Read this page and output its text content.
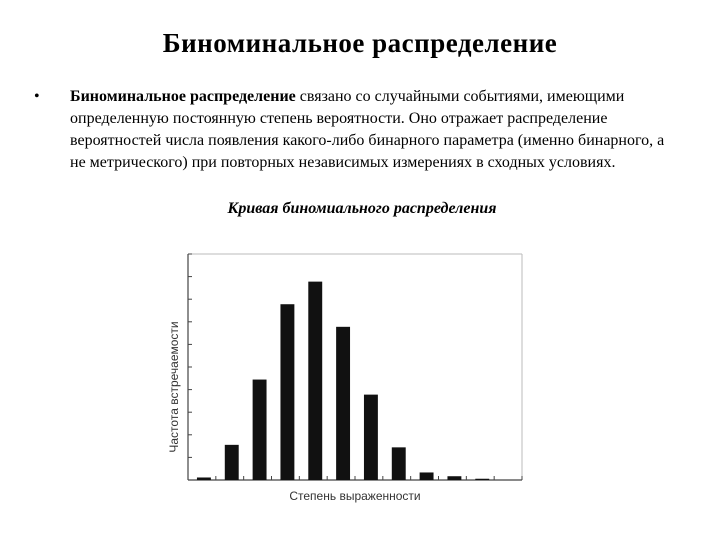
Биноминальное распределение
• Биноминальное распределение связано со случайными событиями, имеющими определенную постоянную степень вероятности. Оно отражает распределение вероятностей числа появления какого-либо бинарного параметра (именно бинарного, а не метрического) при повторных независимых измерениях в сходных условиях.
Кривая биномиального распределения
Степень выраженности
Частота встречаемости
